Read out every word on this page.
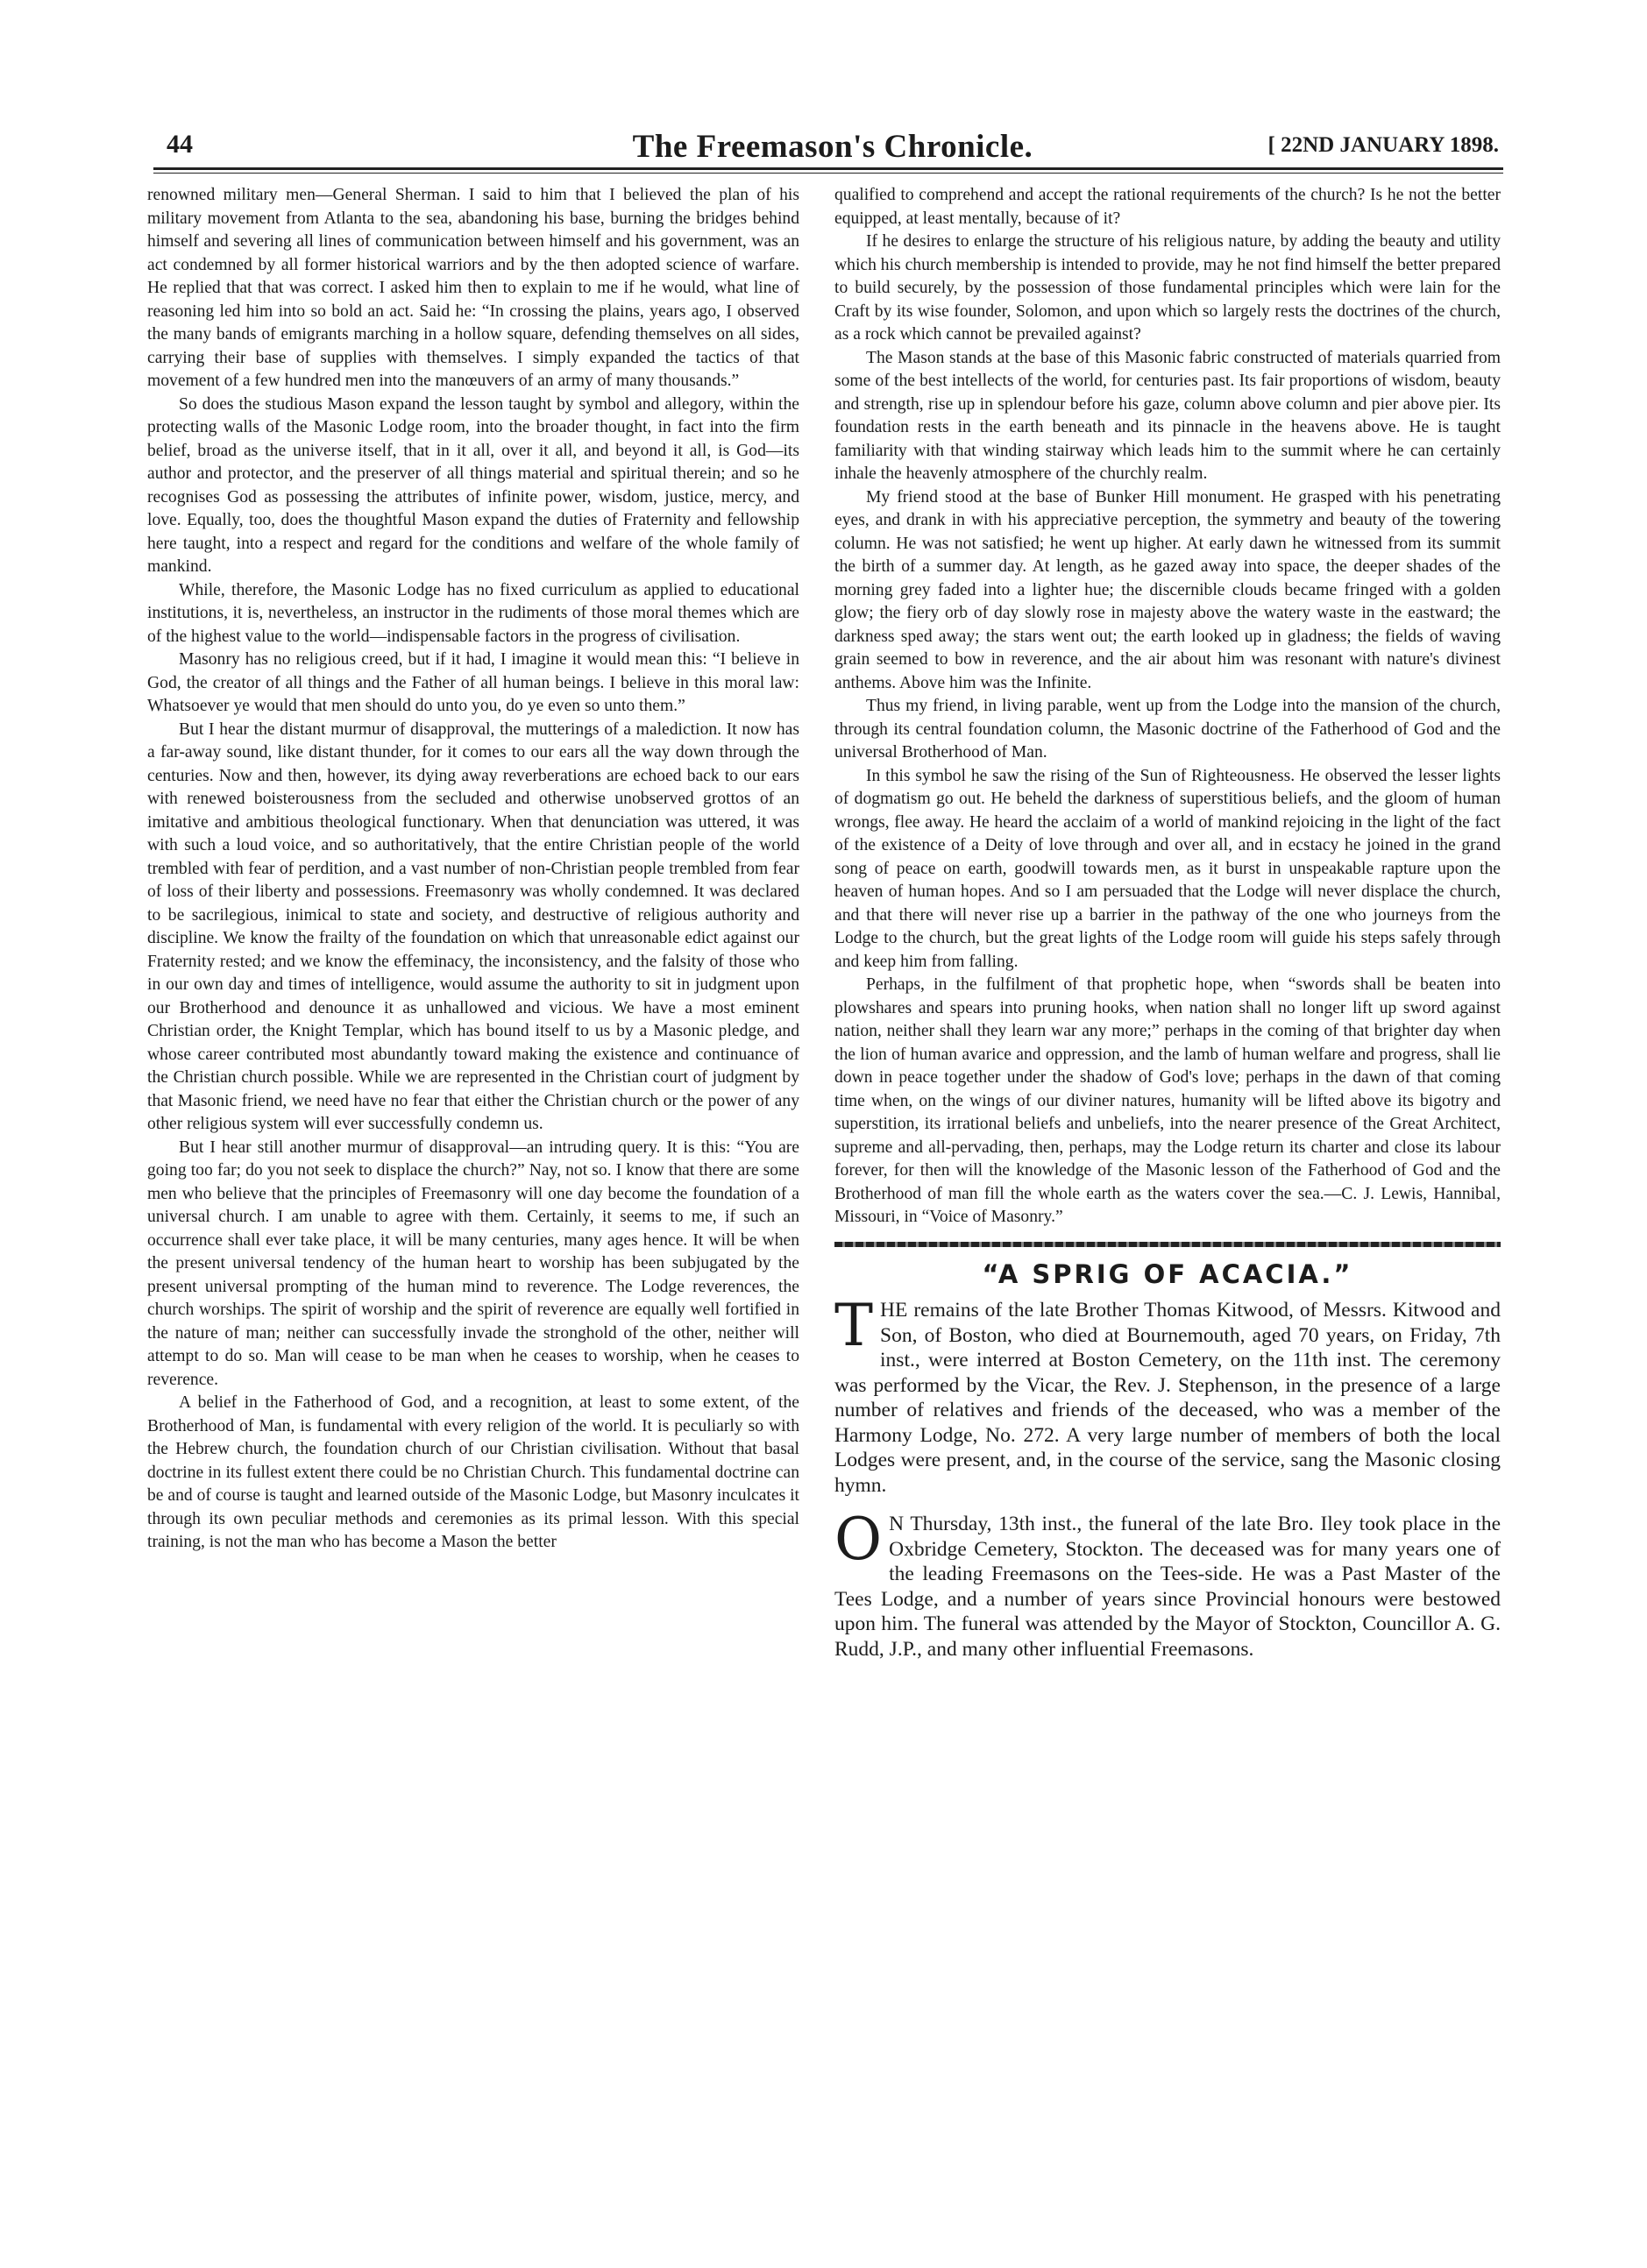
44	The Freemason's Chronicle.	[ 22ND JANUARY 1898.

renowned military men—General Sherman. I said to him that I believed the plan of his military movement from Atlanta to the sea, abandoning his base, burning the bridges behind himself and severing all lines of communication between himself and his government, was an act condemned by all former historical warriors and by the then adopted science of warfare. He replied that that was correct. I asked him then to explain to me if he would, what line of reasoning led him into so bold an act. Said he: “In crossing the plains, years ago, I observed the many bands of emigrants marching in a hollow square, defending themselves on all sides, carrying their base of supplies with themselves. I simply expanded the tactics of that movement of a few hundred men into the manœuvers of an army of many thousands.”

So does the studious Mason expand the lesson taught by symbol and allegory, within the protecting walls of the Masonic Lodge room, into the broader thought, in fact into the firm belief, broad as the universe itself, that in it all, over it all, and beyond it all, is God—its author and protector, and the preserver of all things material and spiritual therein; and so he recognises God as possessing the attributes of infinite power, wisdom, justice, mercy, and love. Equally, too, does the thoughtful Mason expand the duties of Fraternity and fellowship here taught, into a respect and regard for the conditions and welfare of the whole family of mankind.

While, therefore, the Masonic Lodge has no fixed curriculum as applied to educational institutions, it is, nevertheless, an instructor in the rudiments of those moral themes which are of the highest value to the world—indispensable factors in the progress of civilisation.

Masonry has no religious creed, but if it had, I imagine it would mean this: “I believe in God, the creator of all things and the Father of all human beings. I believe in this moral law: Whatsoever ye would that men should do unto you, do ye even so unto them.”

But I hear the distant murmur of disapproval, the mutterings of a malediction. It now has a far-away sound, like distant thunder, for it comes to our ears all the way down through the centuries. Now and then, however, its dying away reverberations are echoed back to our ears with renewed boisterousness from the secluded and otherwise unobserved grottos of an imitative and ambitious theological functionary. When that denunciation was uttered, it was with such a loud voice, and so authoritatively, that the entire Christian people of the world trembled with fear of perdition, and a vast number of non-Christian people trembled from fear of loss of their liberty and possessions. Freemasonry was wholly condemned. It was declared to be sacrilegious, inimical to state and society, and destructive of religious authority and discipline. We know the frailty of the foundation on which that unreasonable edict against our Fraternity rested; and we know the effeminacy, the inconsistency, and the falsity of those who in our own day and times of intelligence, would assume the authority to sit in judgment upon our Brotherhood and denounce it as unhallowed and vicious. We have a most eminent Christian order, the Knight Templar, which has bound itself to us by a Masonic pledge, and whose career contributed most abundantly toward making the existence and continuance of the Christian church possible. While we are represented in the Christian court of judgment by that Masonic friend, we need have no fear that either the Christian church or the power of any other religious system will ever successfully condemn us.

But I hear still another murmur of disapproval—an intruding query. It is this: “You are going too far; do you not seek to displace the church?” Nay, not so. I know that there are some men who believe that the principles of Freemasonry will one day become the foundation of a universal church. I am unable to agree with them. Certainly, it seems to me, if such an occurrence shall ever take place, it will be many centuries, many ages hence. It will be when the present universal tendency of the human heart to worship has been subjugated by the present universal prompting of the human mind to reverence. The Lodge reverences, the church worships. The spirit of worship and the spirit of reverence are equally well fortified in the nature of man; neither can successfully invade the stronghold of the other, neither will attempt to do so. Man will cease to be man when he ceases to worship, when he ceases to reverence.

A belief in the Fatherhood of God, and a recognition, at least to some extent, of the Brotherhood of Man, is fundamental with every religion of the world. It is peculiarly so with the Hebrew church, the foundation church of our Christian civilisation. Without that basal doctrine in its fullest extent there could be no Christian Church. This fundamental doctrine can be and of course is taught and learned outside of the Masonic Lodge, but Masonry inculcates it through its own peculiar methods and ceremonies as its primal lesson. With this special training, is not the man who has become a Mason the better

qualified to comprehend and accept the rational requirements of the church? Is he not the better equipped, at least mentally, because of it?

If he desires to enlarge the structure of his religious nature, by adding the beauty and utility which his church membership is intended to provide, may he not find himself the better prepared to build securely, by the possession of those fundamental principles which were lain for the Craft by its wise founder, Solomon, and upon which so largely rests the doctrines of the church, as a rock which cannot be prevailed against?

The Mason stands at the base of this Masonic fabric constructed of materials quarried from some of the best intellects of the world, for centuries past. Its fair proportions of wisdom, beauty and strength, rise up in splendour before his gaze, column above column and pier above pier. Its foundation rests in the earth beneath and its pinnacle in the heavens above. He is taught familiarity with that winding stairway which leads him to the summit where he can certainly inhale the heavenly atmosphere of the churchly realm.

My friend stood at the base of Bunker Hill monument. He grasped with his penetrating eyes, and drank in with his appreciative perception, the symmetry and beauty of the towering column. He was not satisfied; he went up higher. At early dawn he witnessed from its summit the birth of a summer day. At length, as he gazed away into space, the deeper shades of the morning grey faded into a lighter hue; the discernible clouds became fringed with a golden glow; the fiery orb of day slowly rose in majesty above the watery waste in the eastward; the darkness sped away; the stars went out; the earth looked up in gladness; the fields of waving grain seemed to bow in reverence, and the air about him was resonant with nature's divinest anthems. Above him was the Infinite.

Thus my friend, in living parable, went up from the Lodge into the mansion of the church, through its central foundation column, the Masonic doctrine of the Fatherhood of God and the universal Brotherhood of Man.

In this symbol he saw the rising of the Sun of Righteousness. He observed the lesser lights of dogmatism go out. He beheld the darkness of superstitious beliefs, and the gloom of human wrongs, flee away. He heard the acclaim of a world of mankind rejoicing in the light of the fact of the existence of a Deity of love through and over all, and in ecstacy he joined in the grand song of peace on earth, goodwill towards men, as it burst in unspeakable rapture upon the heaven of human hopes. And so I am persuaded that the Lodge will never displace the church, and that there will never rise up a barrier in the pathway of the one who journeys from the Lodge to the church, but the great lights of the Lodge room will guide his steps safely through and keep him from falling.

Perhaps, in the fulfilment of that prophetic hope, when “swords shall be beaten into plowshares and spears into pruning hooks, when nation shall no longer lift up sword against nation, neither shall they learn war any more;” perhaps in the coming of that brighter day when the lion of human avarice and oppression, and the lamb of human welfare and progress, shall lie down in peace together under the shadow of God's love; perhaps in the dawn of that coming time when, on the wings of our diviner natures, humanity will be lifted above its bigotry and superstition, its irrational beliefs and unbeliefs, into the nearer presence of the Great Architect, supreme and all-pervading, then, perhaps, may the Lodge return its charter and close its labour forever, for then will the knowledge of the Masonic lesson of the Fatherhood of God and the Brotherhood of man fill the whole earth as the waters cover the sea.—C. J. Lewis, Hannibal, Missouri, in “Voice of Masonry.”

“A SPRIG OF ACACIA.”

THE remains of the late Brother Thomas Kitwood, of Messrs. Kitwood and Son, of Boston, who died at Bournemouth, aged 70 years, on Friday, 7th inst., were interred at Boston Cemetery, on the 11th inst. The ceremony was performed by the Vicar, the Rev. J. Stephenson, in the presence of a large number of relatives and friends of the deceased, who was a member of the Harmony Lodge, No. 272. A very large number of members of both the local Lodges were present, and, in the course of the service, sang the Masonic closing hymn.

O N Thursday, 13th inst., the funeral of the late Bro. Iley took place in the Oxbridge Cemetery, Stockton. The deceased was for many years one of the leading Freemasons on the Tees-side. He was a Past Master of the Tees Lodge, and a number of years since Provincial honours were bestowed upon him. The funeral was attended by the Mayor of Stockton, Councillor A. G. Rudd, J.P., and many other influential Freemasons.
